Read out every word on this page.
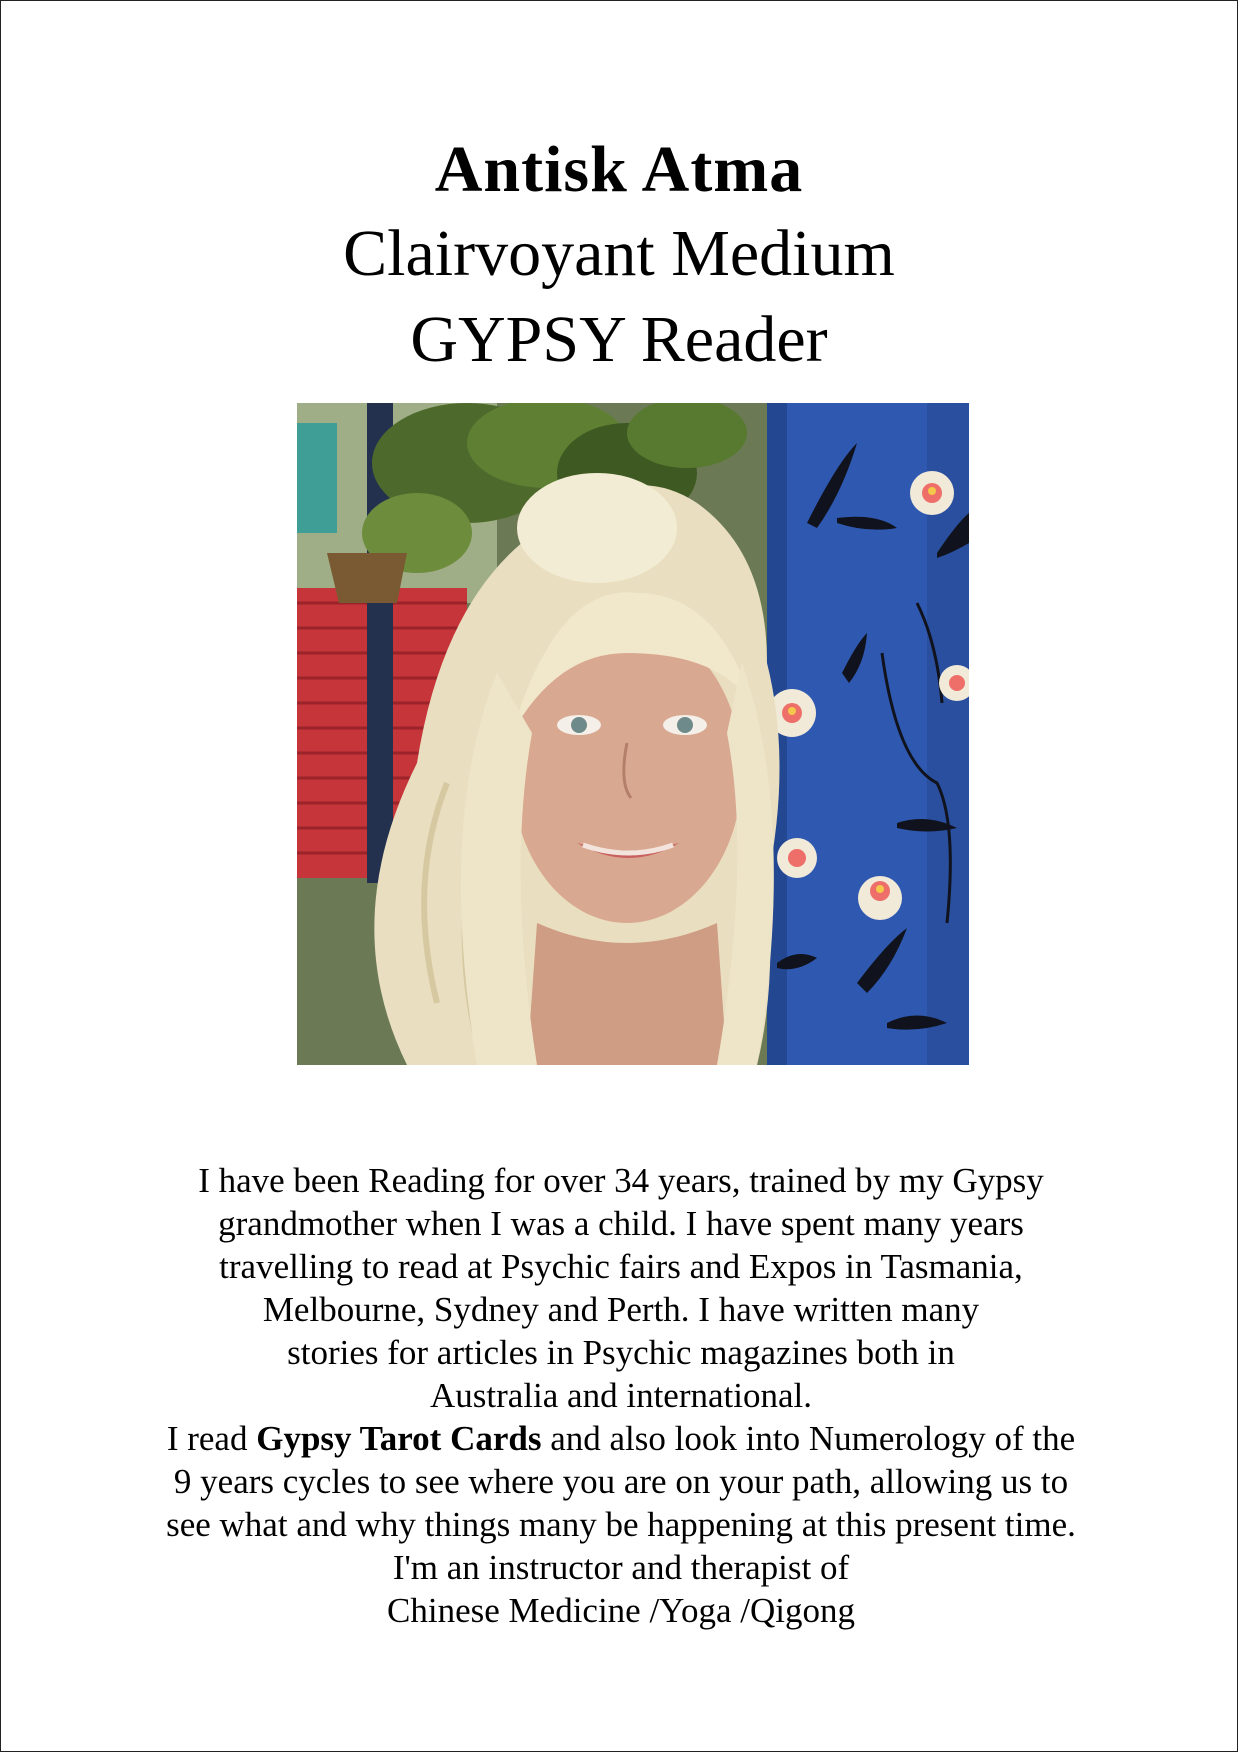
Antisk Atma
Clairvoyant Medium
GYPSY Reader
I have been Reading for over 34 years, trained by my Gypsy
grandmother when I was a child. I have spent many years
travelling to read at Psychic fairs and Expos in Tasmania,
Melbourne, Sydney and Perth. I have written many
stories for articles in Psychic magazines both in
Australia and international.
I read Gypsy Tarot Cards and also look into Numerology of the
9 years cycles to see where you are on your path, allowing us to
see what and why things many be happening at this present time.
I'm an instructor and therapist of
Chinese Medicine /Yoga /Qigong
